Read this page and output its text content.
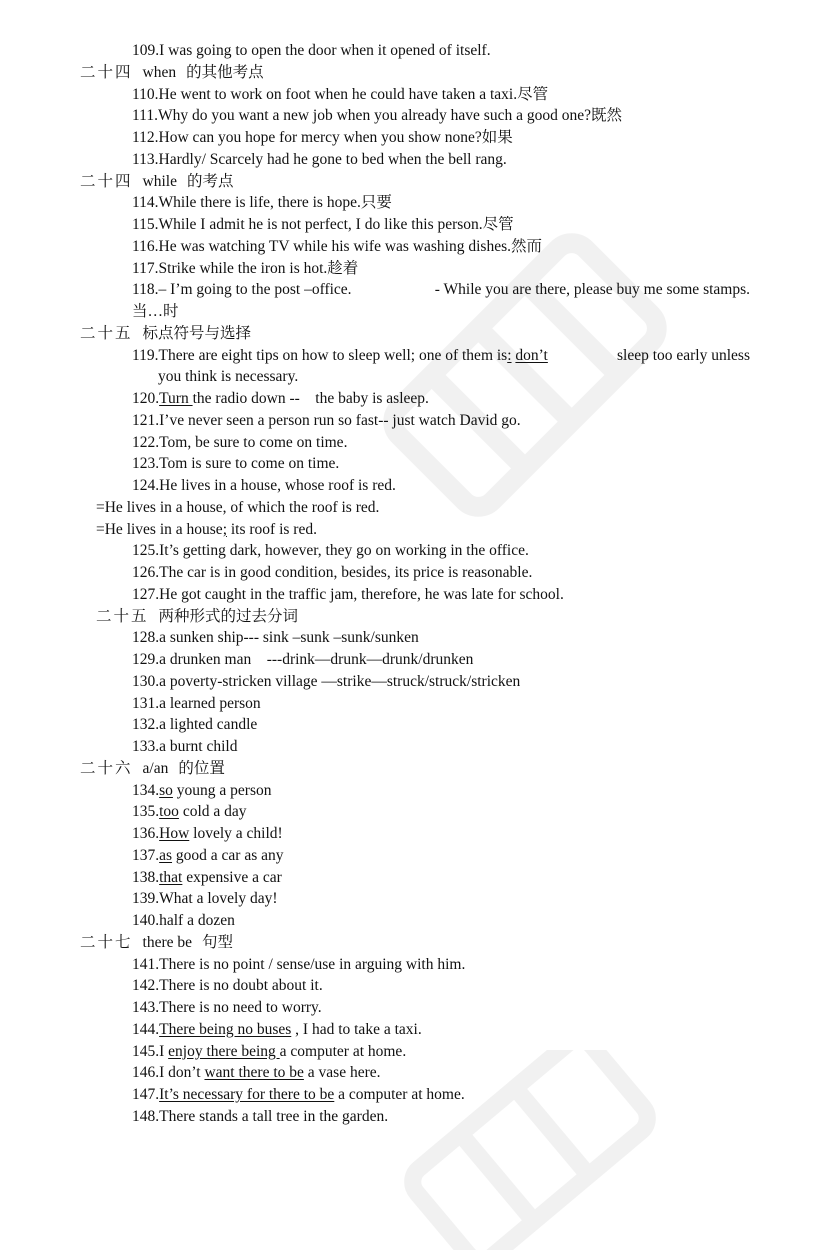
109.I was going to open the door when it opened of itself.
二十四 when 的其他考点
110.He went to work on foot when he could have taken a taxi.尽管
111.Why do you want a new job when you already have such a good one?既然
112.How can you hope for mercy when you show none?如果
113.Hardly/ Scarcely had he gone to bed when the bell rang.
二十四 while 的考点
114.While there is life, there is hope.只要
115.While I admit he is not perfect, I do like this person.尽管
116.He was watching TV while his wife was washing dishes.然而
117.Strike while the iron is hot.趁着
118.– I’m going to the post –office.	- While you are there, please buy me some stamps.
当…时
二十五 标点符号与选择
119.There are eight tips on how to sleep well; one of them is: don’t	sleep too early unless
you think is necessary.
120.Turn the radio down --    the baby is asleep.
121.I’ve never seen a person run so fast-- just watch David go.
122.Tom, be sure to come on time.
123.Tom is sure to come on time.
124.He lives in a house, whose roof is red.
=He lives in a house, of which the roof is red.
=He lives in a house; its roof is red.
125.It’s getting dark, however, they go on working in the office.
126.The car is in good condition, besides, its price is reasonable.
127.He got caught in the traffic jam, therefore, he was late for school.
二十五 两种形式的过去分词
128.a sunken ship--- sink –sunk –sunk/sunken
129.a drunken man    ---drink—drunk—drunk/drunken
130.a poverty-stricken village —strike—struck/struck/stricken
131.a learned person
132.a lighted candle
133.a burnt child
二十六 a/an 的位置
134.so young a person
135.too cold a day
136.How lovely a child!
137.as good a car as any
138.that expensive a car
139.What a lovely day!
140.half a dozen
二十七 there be 句型
141.There is no point / sense/use in arguing with him.
142.There is no doubt about it.
143.There is no need to worry.
144.There being no buses , I had to take a taxi.
145.I enjoy there being a computer at home.
146.I don’t want there to be a vase here.
147.It’s necessary for there to be a computer at home.
148.There stands a tall tree in the garden.
